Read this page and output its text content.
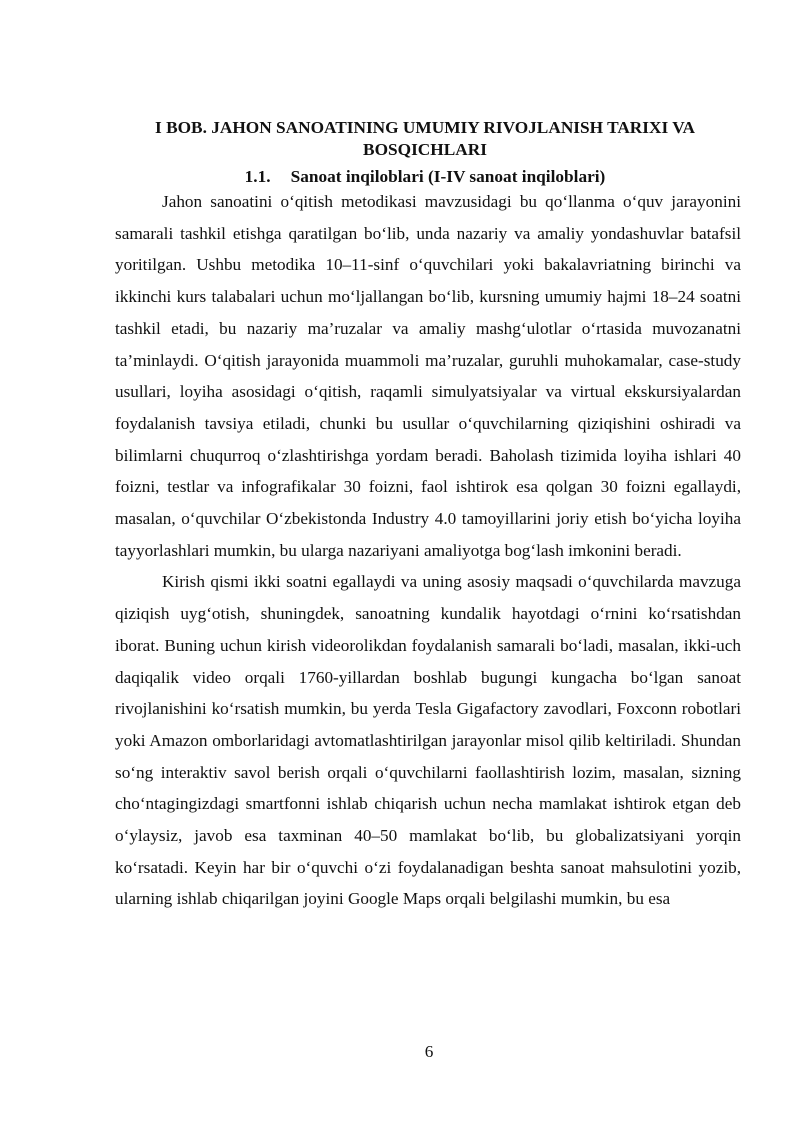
I BOB. JAHON SANOATINING UMUMIY RIVOJLANISH TARIXI VA BOSQICHLARI
1.1. Sanoat inqiloblari (I-IV sanoat inqiloblari)

Jahon sanoatini o‘qitish metodikasi mavzusidagi bu qo‘llanma o‘quv jarayonini samarali tashkil etishga qaratilgan bo‘lib, unda nazariy va amaliy yondashuvlar batafsil yoritilgan. Ushbu metodika 10–11-sinf o‘quvchilari yoki bakalavriatning birinchi va ikkinchi kurs talabalari uchun mo‘ljallangan bo‘lib, kursning umumiy hajmi 18–24 soatni tashkil etadi, bu nazariy ma’ruzalar va amaliy mashg‘ulotlar o‘rtasida muvozanatni ta’minlaydi. O‘qitish jarayonida muammoli ma’ruzalar, guruhli muhokamalar, case-study usullari, loyiha asosidagi o‘qitish, raqamli simulyatsiyalar va virtual ekskursiyalardan foydalanish tavsiya etiladi, chunki bu usullar o‘quvchilarning qiziqishini oshiradi va bilimlarni chuqurroq o‘zlashtirishga yordam beradi. Baholash tizimida loyiha ishlari 40 foizni, testlar va infografikalar 30 foizni, faol ishtirok esa qolgan 30 foizni egallaydi, masalan, o‘quvchilar O‘zbekistonda Industry 4.0 tamoyillarini joriy etish bo‘yicha loyiha tayyorlashlari mumkin, bu ularga nazariyani amaliyotga bog‘lash imkonini beradi.

Kirish qismi ikki soatni egallaydi va uning asosiy maqsadi o‘quvchilarda mavzuga qiziqish uyg‘otish, shuningdek, sanoatning kundalik hayotdagi o‘rnini ko‘rsatishdan iborat. Buning uchun kirish videorolikdan foydalanish samarali bo‘ladi, masalan, ikki-uch daqiqalik video orqali 1760-yillardan boshlab bugungi kungacha bo‘lgan sanoat rivojlanishini ko‘rsatish mumkin, bu yerda Tesla Gigafactory zavodlari, Foxconn robotlari yoki Amazon omborlaridagi avtomatlashtirilgan jarayonlar misol qilib keltiriladi. Shundan so‘ng interaktiv savol berish orqali o‘quvchilarni faollashtirish lozim, masalan, sizning cho‘ntagingizdagi smartfonni ishlab chiqarish uchun necha mamlakat ishtirok etgan deb o‘ylaysiz, javob esa taxminan 40–50 mamlakat bo‘lib, bu globalizatsiyani yorqin ko‘rsatadi. Keyin har bir o‘quvchi o‘zi foydalanadigan beshta sanoat mahsulotini yozib, ularning ishlab chiqarilgan joyini Google Maps orqali belgilashi mumkin, bu esa

6
